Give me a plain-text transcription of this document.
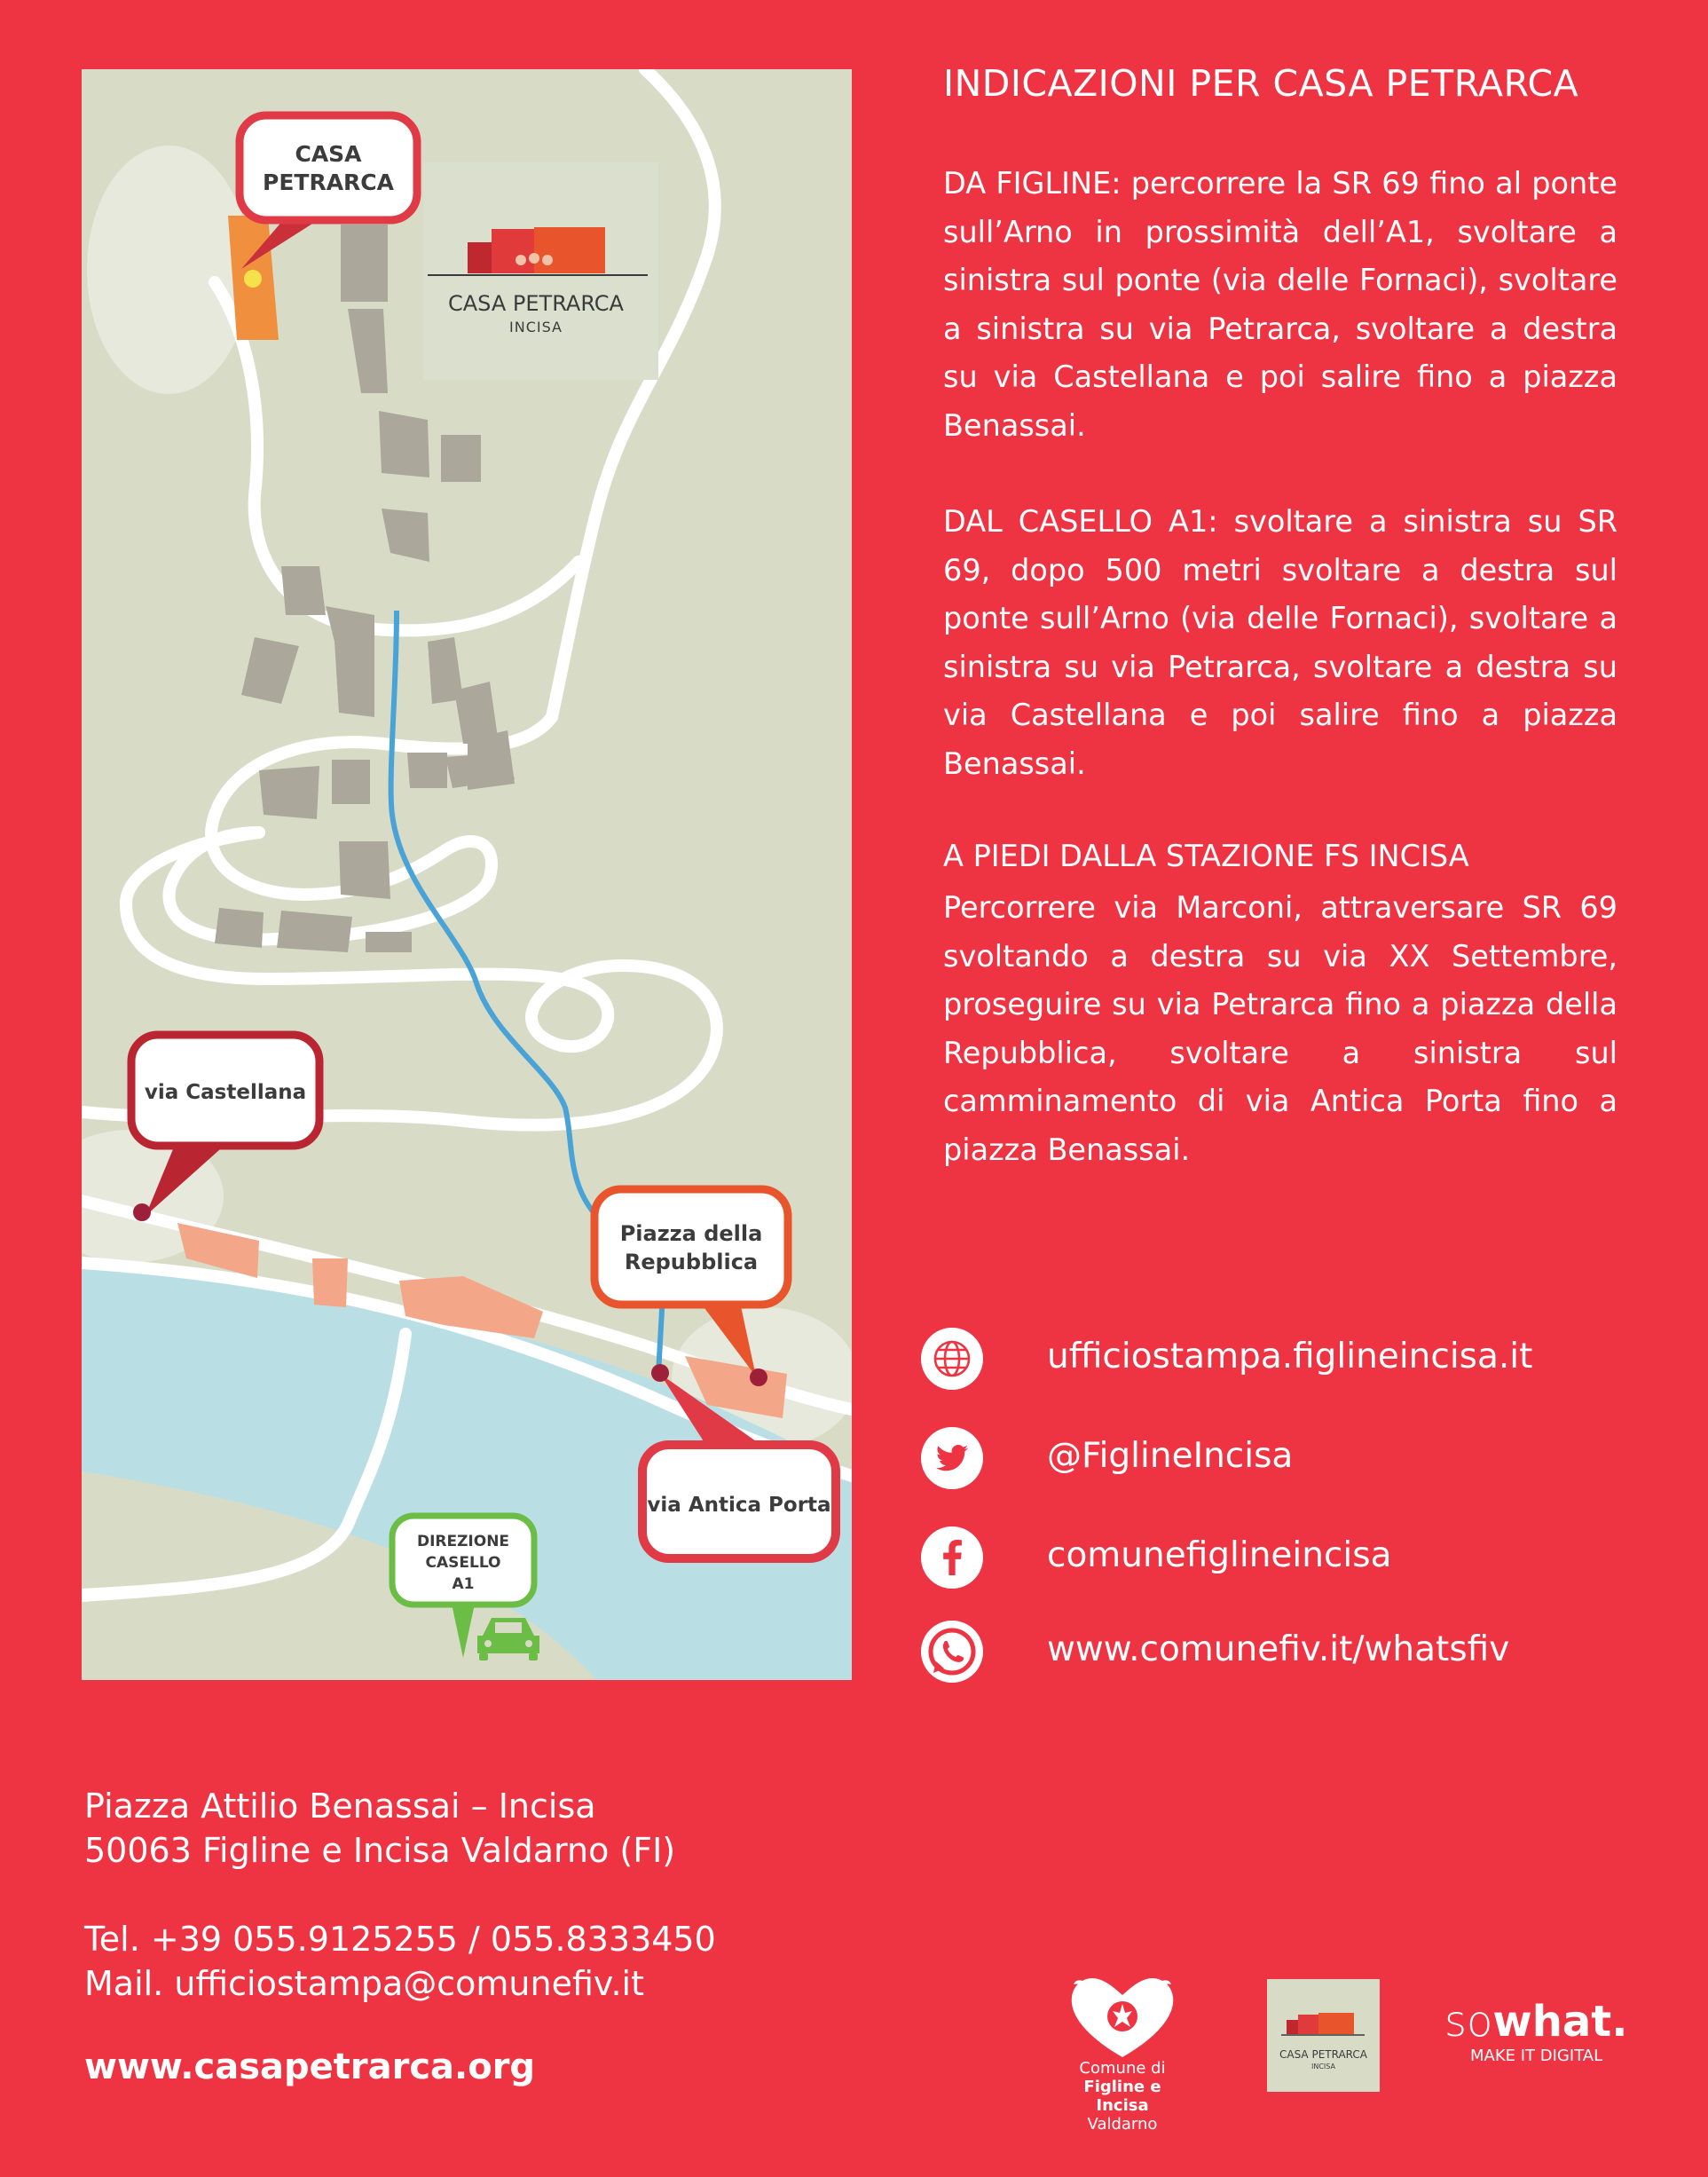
CASA PETRARCA
INCISA
CASA
PETRARCA
via Castellana
Piazza della
Repubblica
via Antica Porta
DIREZIONE
CASELLO
A1
INDICAZIONI PER CASA PETRARCA
DA FIGLINE: percorrere la SR 69 fino al ponte sull’Arno in prossimità dell’A1, svoltare a sinistra sul ponte (via delle Fornaci), svoltare a sinistra su via Petrarca, svoltare a destra su via Castellana e poi salire fino a piazza Benassai.
DAL CASELLO A1: svoltare a sinistra su SR 69, dopo 500 metri svoltare a destra sul ponte sull’Arno (via delle Fornaci), svoltare a sinistra su via Petrarca, svoltare a destra su via Castellana e poi salire fino a piazza Benassai.
A PIEDI DALLA STAZIONE FS INCISA
Percorrere via Marconi, attraversare SR 69 svoltando a destra su via XX Settembre, proseguire su via Petrarca fino a piazza della Repubblica, svoltare a sinistra sul camminamento di via Antica Porta fino a piazza Benassai.
ufficiostampa.figlineincisa.it
@FiglineIncisa
comunefiglineincisa
www.comunefiv.it/whatsfiv
Piazza Attilio Benassai – Incisa
50063 Figline e Incisa Valdarno (FI)
Tel. +39 055.9125255 / 055.8333450
Mail. ufficiostampa@comunefiv.it
www.casapetrarca.org	Comune di
Figline e Incisa
Valdarno
CASA PETRARCA
INCISA
sowhat.
MAKE IT DIGITAL
